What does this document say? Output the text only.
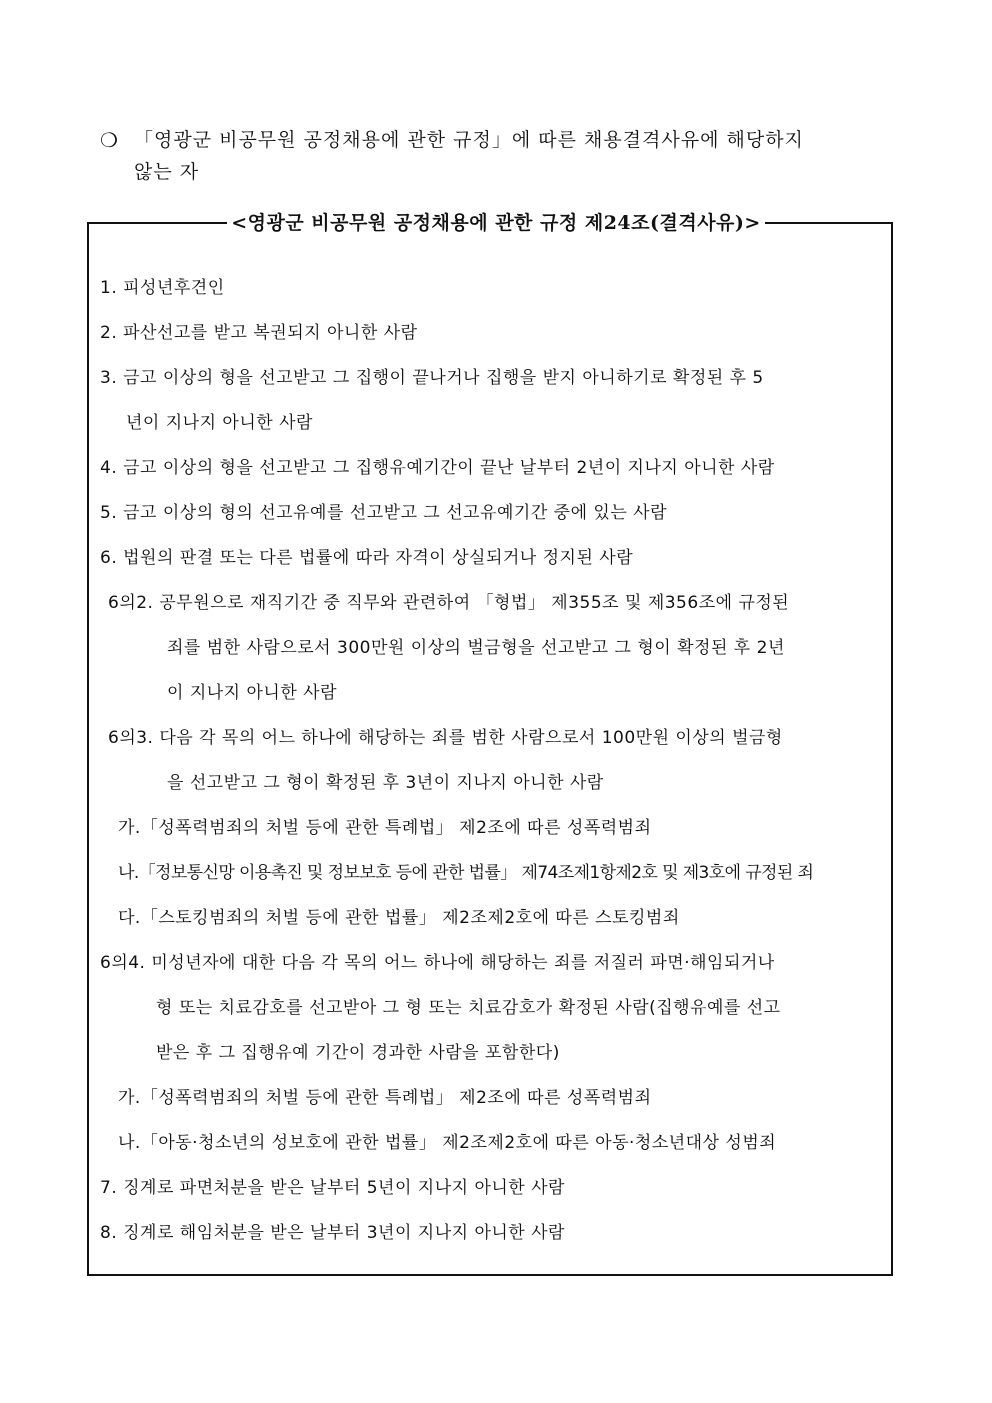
❍ 「영광군 비공무원 공정채용에 관한 규정」에 따른 채용결격사유에 해당하지
않는 자
<영광군 비공무원 공정채용에 관한 규정 제24조(결격사유)>
1. 피성년후견인
2. 파산선고를 받고 복권되지 아니한 사람
3. 금고 이상의 형을 선고받고 그 집행이 끝나거나 집행을 받지 아니하기로 확정된 후 5
년이 지나지 아니한 사람
4. 금고 이상의 형을 선고받고 그 집행유예기간이 끝난 날부터 2년이 지나지 아니한 사람
5. 금고 이상의 형의 선고유예를 선고받고 그 선고유예기간 중에 있는 사람
6. 법원의 판결 또는 다른 법률에 따라 자격이 상실되거나 정지된 사람
6의2. 공무원으로 재직기간 중 직무와 관련하여 「형법」 제355조 및 제356조에 규정된
죄를 범한 사람으로서 300만원 이상의 벌금형을 선고받고 그 형이 확정된 후 2년
이 지나지 아니한 사람
6의3. 다음 각 목의 어느 하나에 해당하는 죄를 범한 사람으로서 100만원 이상의 벌금형
을 선고받고 그 형이 확정된 후 3년이 지나지 아니한 사람
가.「성폭력범죄의 처벌 등에 관한 특례법」 제2조에 따른 성폭력범죄
나.「정보통신망 이용촉진 및 정보보호 등에 관한 법률」 제74조제1항제2호 및 제3호에 규정된 죄
다.「스토킹범죄의 처벌 등에 관한 법률」 제2조제2호에 따른 스토킹범죄
6의4. 미성년자에 대한 다음 각 목의 어느 하나에 해당하는 죄를 저질러 파면·해임되거나
형 또는 치료감호를 선고받아 그 형 또는 치료감호가 확정된 사람(집행유예를 선고
받은 후 그 집행유예 기간이 경과한 사람을 포함한다)
가.「성폭력범죄의 처벌 등에 관한 특례법」 제2조에 따른 성폭력범죄
나.「아동·청소년의 성보호에 관한 법률」 제2조제2호에 따른 아동·청소년대상 성범죄
7. 징계로 파면처분을 받은 날부터 5년이 지나지 아니한 사람
8. 징계로 해임처분을 받은 날부터 3년이 지나지 아니한 사람
